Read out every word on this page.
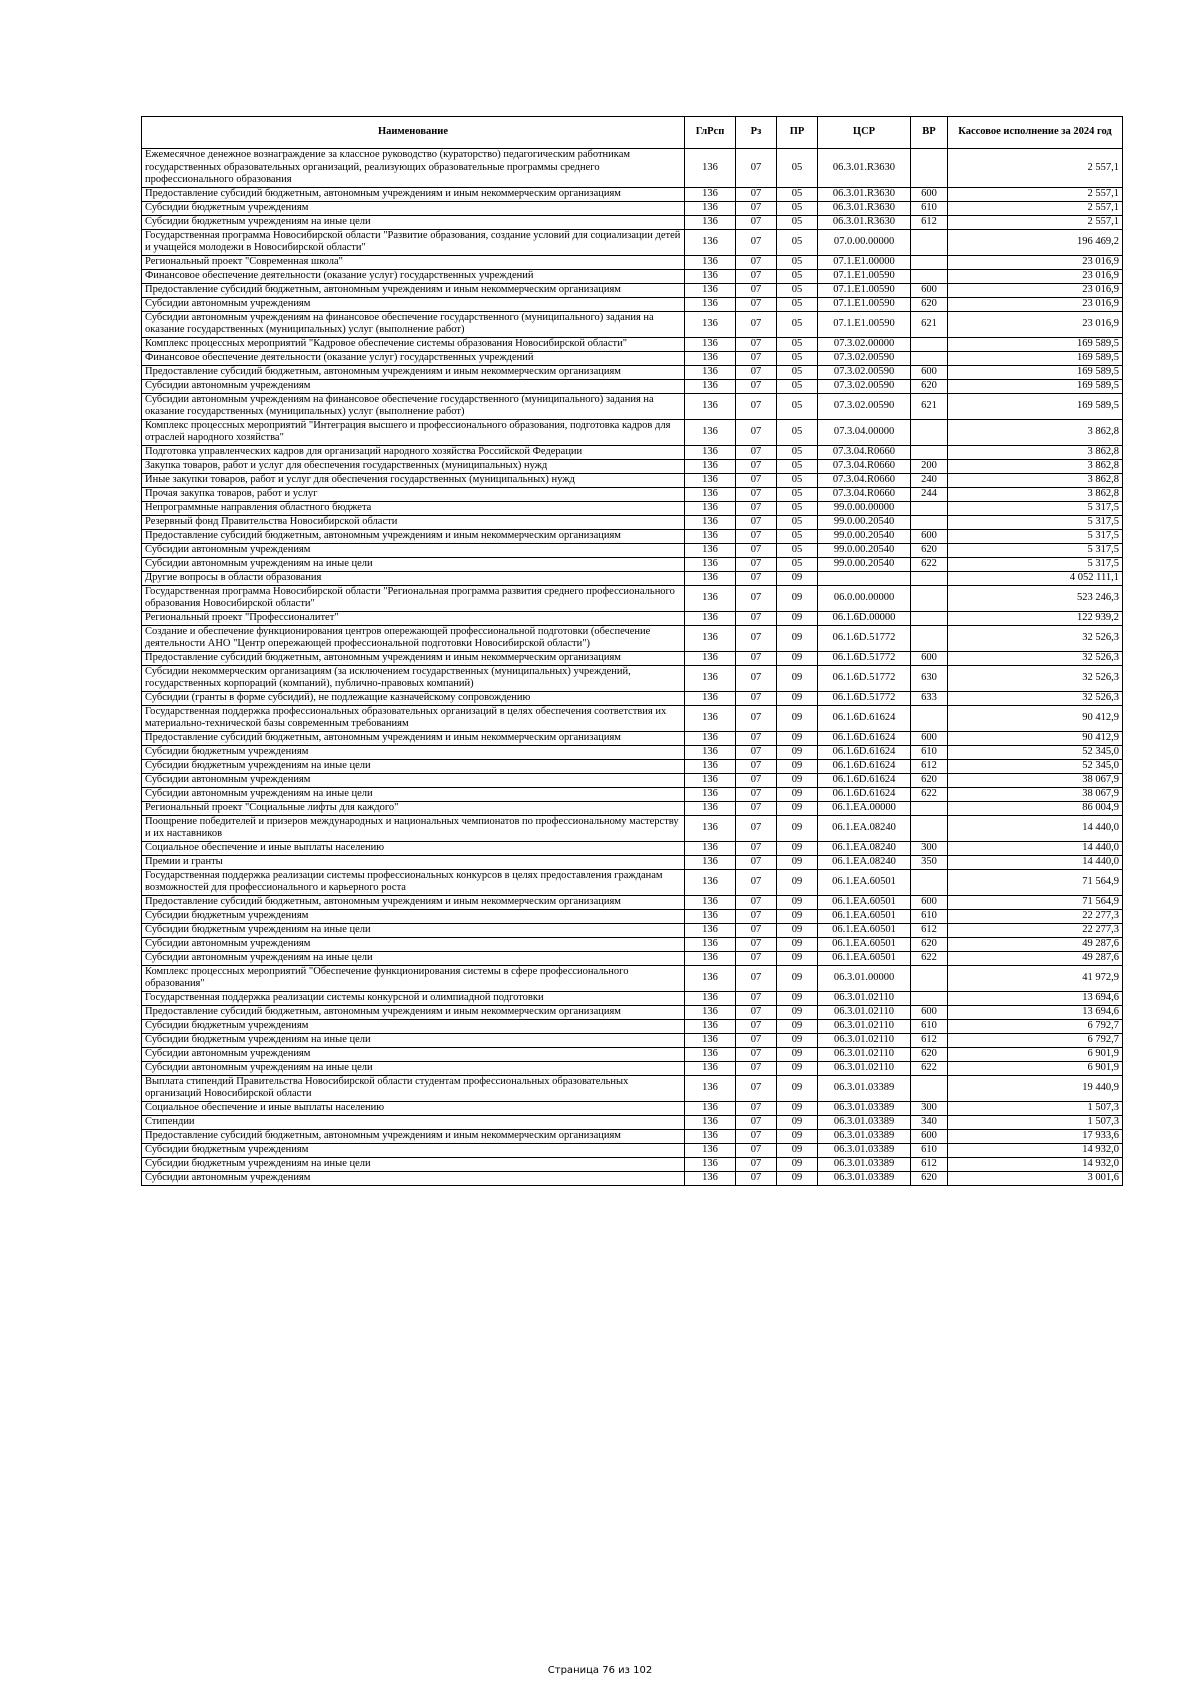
Наименование	ГлРсп	Рз	ПР	ЦСР	ВР	Кассовое исполнение за 2024 год
Ежемесячное денежное вознаграждение за классное руководство (кураторство) педагогическим работникам государственных образовательных организаций, реализующих образовательные программы среднего профессионального образования	136	07	05	06.3.01.R3630		2 557,1
Предоставление субсидий бюджетным, автономным учреждениям и иным некоммерческим организациям	136	07	05	06.3.01.R3630	600	2 557,1
Субсидии бюджетным учреждениям	136	07	05	06.3.01.R3630	610	2 557,1
Субсидии бюджетным учреждениям на иные цели	136	07	05	06.3.01.R3630	612	2 557,1
Государственная программа Новосибирской области "Развитие образования, создание условий для социализации детей и учащейся молодежи в Новосибирской области"	136	07	05	07.0.00.00000		196 469,2
Региональный проект "Современная школа"	136	07	05	07.1.E1.00000		23 016,9
Финансовое обеспечение деятельности (оказание услуг) государственных учреждений	136	07	05	07.1.E1.00590		23 016,9
Предоставление субсидий бюджетным, автономным учреждениям и иным некоммерческим организациям	136	07	05	07.1.E1.00590	600	23 016,9
Субсидии автономным учреждениям	136	07	05	07.1.E1.00590	620	23 016,9
Субсидии автономным учреждениям на финансовое обеспечение государственного (муниципального) задания на оказание государственных (муниципальных) услуг (выполнение работ)	136	07	05	07.1.E1.00590	621	23 016,9
Комплекс процессных мероприятий "Кадровое обеспечение системы образования Новосибирской области"	136	07	05	07.3.02.00000		169 589,5
Финансовое обеспечение деятельности (оказание услуг) государственных учреждений	136	07	05	07.3.02.00590		169 589,5
Предоставление субсидий бюджетным, автономным учреждениям и иным некоммерческим организациям	136	07	05	07.3.02.00590	600	169 589,5
Субсидии автономным учреждениям	136	07	05	07.3.02.00590	620	169 589,5
Субсидии автономным учреждениям на финансовое обеспечение государственного (муниципального) задания на оказание государственных (муниципальных) услуг (выполнение работ)	136	07	05	07.3.02.00590	621	169 589,5
Комплекс процессных мероприятий "Интеграция высшего и профессионального образования, подготовка кадров для отраслей народного хозяйства"	136	07	05	07.3.04.00000		3 862,8
Подготовка управленческих кадров для организаций народного хозяйства Российской Федерации	136	07	05	07.3.04.R0660		3 862,8
Закупка товаров, работ и услуг для обеспечения государственных (муниципальных) нужд	136	07	05	07.3.04.R0660	200	3 862,8
Иные закупки товаров, работ и услуг для обеспечения государственных (муниципальных) нужд	136	07	05	07.3.04.R0660	240	3 862,8
Прочая закупка товаров, работ и услуг	136	07	05	07.3.04.R0660	244	3 862,8
Непрограммные направления областного бюджета	136	07	05	99.0.00.00000		5 317,5
Резервный фонд Правительства Новосибирской области	136	07	05	99.0.00.20540		5 317,5
Предоставление субсидий бюджетным, автономным учреждениям и иным некоммерческим организациям	136	07	05	99.0.00.20540	600	5 317,5
Субсидии автономным учреждениям	136	07	05	99.0.00.20540	620	5 317,5
Субсидии автономным учреждениям на иные цели	136	07	05	99.0.00.20540	622	5 317,5
Другие вопросы в области образования	136	07	09			4 052 111,1
Государственная программа Новосибирской области "Региональная программа развития среднего профессионального образования Новосибирской области"	136	07	09	06.0.00.00000		523 246,3
Региональный проект "Профессионалитет"	136	07	09	06.1.6D.00000		122 939,2
Создание и обеспечение функционирования центров опережающей профессиональной подготовки (обеспечение деятельности АНО "Центр опережающей профессиональной подготовки Новосибирской области")	136	07	09	06.1.6D.51772		32 526,3
Предоставление субсидий бюджетным, автономным учреждениям и иным некоммерческим организациям	136	07	09	06.1.6D.51772	600	32 526,3
Субсидии некоммерческим организациям (за исключением государственных (муниципальных) учреждений, государственных корпораций (компаний), публично-правовых компаний)	136	07	09	06.1.6D.51772	630	32 526,3
Субсидии (гранты в форме субсидий), не подлежащие казначейскому сопровождению	136	07	09	06.1.6D.51772	633	32 526,3
Государственная поддержка профессиональных образовательных организаций в целях обеспечения соответствия их материально-технической базы современным требованиям	136	07	09	06.1.6D.61624		90 412,9
Предоставление субсидий бюджетным, автономным учреждениям и иным некоммерческим организациям	136	07	09	06.1.6D.61624	600	90 412,9
Субсидии бюджетным учреждениям	136	07	09	06.1.6D.61624	610	52 345,0
Субсидии бюджетным учреждениям на иные цели	136	07	09	06.1.6D.61624	612	52 345,0
Субсидии автономным учреждениям	136	07	09	06.1.6D.61624	620	38 067,9
Субсидии автономным учреждениям на иные цели	136	07	09	06.1.6D.61624	622	38 067,9
Региональный проект "Социальные лифты для каждого"	136	07	09	06.1.EA.00000		86 004,9
Поощрение победителей и призеров международных и национальных чемпионатов по профессиональному мастерству и их наставников	136	07	09	06.1.EA.08240		14 440,0
Социальное обеспечение и иные выплаты населению	136	07	09	06.1.EA.08240	300	14 440,0
Премии и гранты	136	07	09	06.1.EA.08240	350	14 440,0
Государственная поддержка реализации системы профессиональных конкурсов в целях предоставления гражданам возможностей для профессионального и карьерного роста	136	07	09	06.1.EA.60501		71 564,9
Предоставление субсидий бюджетным, автономным учреждениям и иным некоммерческим организациям	136	07	09	06.1.EA.60501	600	71 564,9
Субсидии бюджетным учреждениям	136	07	09	06.1.EA.60501	610	22 277,3
Субсидии бюджетным учреждениям на иные цели	136	07	09	06.1.EA.60501	612	22 277,3
Субсидии автономным учреждениям	136	07	09	06.1.EA.60501	620	49 287,6
Субсидии автономным учреждениям на иные цели	136	07	09	06.1.EA.60501	622	49 287,6
Комплекс процессных мероприятий "Обеспечение функционирования системы в сфере профессионального образования"	136	07	09	06.3.01.00000		41 972,9
Государственная поддержка реализации системы конкурсной и олимпиадной подготовки	136	07	09	06.3.01.02110		13 694,6
Предоставление субсидий бюджетным, автономным учреждениям и иным некоммерческим организациям	136	07	09	06.3.01.02110	600	13 694,6
Субсидии бюджетным учреждениям	136	07	09	06.3.01.02110	610	6 792,7
Субсидии бюджетным учреждениям на иные цели	136	07	09	06.3.01.02110	612	6 792,7
Субсидии автономным учреждениям	136	07	09	06.3.01.02110	620	6 901,9
Субсидии автономным учреждениям на иные цели	136	07	09	06.3.01.02110	622	6 901,9
Выплата стипендий Правительства Новосибирской области студентам профессиональных образовательных организаций Новосибирской области	136	07	09	06.3.01.03389		19 440,9
Социальное обеспечение и иные выплаты населению	136	07	09	06.3.01.03389	300	1 507,3
Стипендии	136	07	09	06.3.01.03389	340	1 507,3
Предоставление субсидий бюджетным, автономным учреждениям и иным некоммерческим организациям	136	07	09	06.3.01.03389	600	17 933,6
Субсидии бюджетным учреждениям	136	07	09	06.3.01.03389	610	14 932,0
Субсидии бюджетным учреждениям на иные цели	136	07	09	06.3.01.03389	612	14 932,0
Субсидии автономным учреждениям	136	07	09	06.3.01.03389	620	3 001,6
Страница 76 из 102
